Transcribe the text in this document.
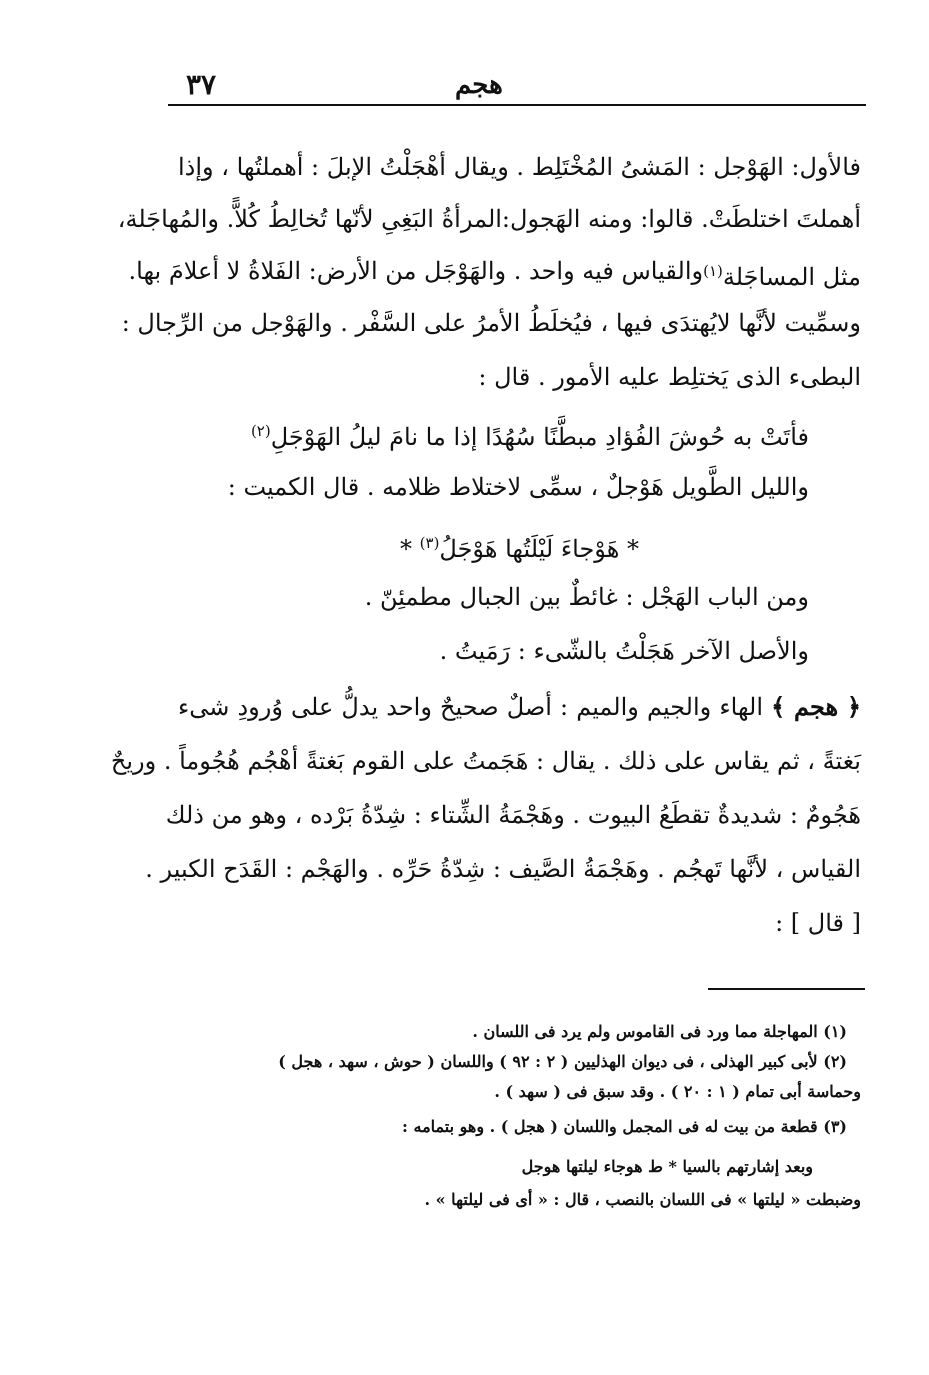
٣٧	هجم
فالأول: الهَوْجل : المَشىُ المُخْتَلِط . ويقال أهْجَلْتُ الإبلَ : أهملتُها ، وإذا
أهملتَ اختلطَتْ. قالوا: ومنه الهَجول:المرأةُ البَغِىِ لأنّها تُخالِطُ كُلاًّ. والمُهاجَلة،
مثل المساجَلة$^{(١)}$
والقياس فيه واحد . والهَوْجَل من الأرض: الفَلاةُ لا أعلامَ بها.
وسمِّيت لأنَّها لايُهتدَى فيها ، فيُخلَطُ الأمرُ على السَّفْر . والهَوْجل من الرِّجال :
البطىء الذى يَختلِط عليه الأمور . قال :
فأتَتْ به حُوشَ الفُؤادِ مبطَّنًا سُهُدًا إذا ما نامَ ليلُ الهَوْجَلِ$^{(٢)}$
والليل الطَّويل هَوْجلٌ ، سمِّى لاختلاط ظلامه . قال الكميت :
* هَوْجاءَ لَيْلَتُها هَوْجَلُ$^{(٣)}$ *
ومن الباب الهَجْل : غائطٌ بين الجبال مطمئِنّ .
والأصل الآخر هَجَلْتُ بالشّىء : رَمَيتُ .
﴿ هجم ﴾ الهاء والجيم والميم : أصلٌ صحيحٌ واحد يدلُّ على وُرودِ شىء
بَغتةً ، ثم يقاس على ذلك . يقال : هَجَمتُ على القوم بَغتةً أهْجُم هُجُوماً . وريحٌ
هَجُومٌ : شديدةٌ تقطَعُ البيوت . وهَجْمَةُ الشِّتاء : شِدّةُ بَرْده ، وهو من ذلك
القياس ، لأنَّها تَهجُم . وهَجْمَةُ الصَّيف : شِدّةُ حَرِّه . والهَجْم : القَدَح الكبير .
[ قال ] :
(١) المهاجلة مما ورد فى القاموس ولم يرد فى اللسان .
(٢) لأبى كبير الهذلى ، فى ديوان الهذليين ( ٢ : ٩٢ ) واللسان ( حوش ، سهد ، هجل )
وحماسة أبى تمام ( ١ : ٢٠ ) . وقد سبق فى ( سهد ) .
(٣) قطعة من بيت له فى المجمل واللسان ( هجل ) . وهو بتمامه :
وبعد إشارتهم بالسيا * ط هوجاء ليلتها هوجل
وضبطت « ليلتها » فى اللسان بالنصب ، قال : « أى فى ليلتها » .
